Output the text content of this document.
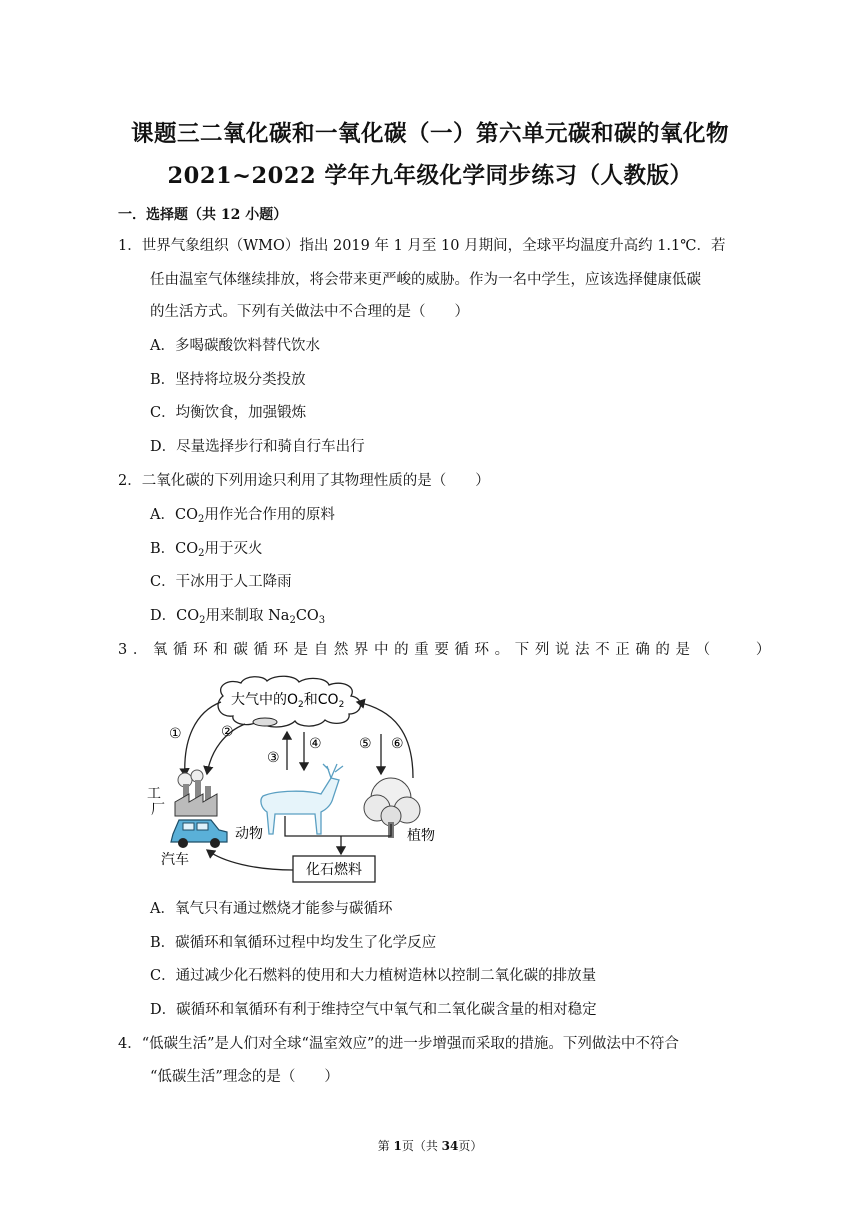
课题三二氧化碳和一氧化碳（一）第六单元碳和碳的氧化物
2021~2022 学年九年级化学同步练习（人教版）
一．选择题（共 12 小题）
1．世界气象组织（WMO）指出 2019 年 1 月至 10 月期间，全球平均温度升高约 1.1℃．若
任由温室气体继续排放，将会带来更严峻的威胁。作为一名中学生，应该选择健康低碳
的生活方式。下列有关做法中不合理的是（　　）
A．多喝碳酸饮料替代饮水
B．坚持将垃圾分类投放
C．均衡饮食，加强锻炼
D．尽量选择步行和骑自行车出行
2．二氧化碳的下列用途只利用了其物理性质的是（　　）
A．$CO_2$用作光合作用的原料
B．$CO_2$用于灭火
C．干冰用于人工降雨
D．$CO_2$用来制取 $Na_2CO_3$
3．氧循环和碳循环是自然界中的重要循环。下列说法不正确的是（　　）
大气中的$O_2$和$CO_2$
①	②
③
④	⑤ ⑥
工
厂
汽车
动物	植物
化石燃料
A．氧气只有通过燃烧才能参与碳循环
B．碳循环和氧循环过程中均发生了化学反应
C．通过减少化石燃料的使用和大力植树造林以控制二氧化碳的排放量
D．碳循环和氧循环有利于维持空气中氧气和二氧化碳含量的相对稳定
4．“低碳生活”是人们对全球“温室效应”的进一步增强而采取的措施。下列做法中不符合
“低碳生活”理念的是（　　）
第 1页（共 34页）
